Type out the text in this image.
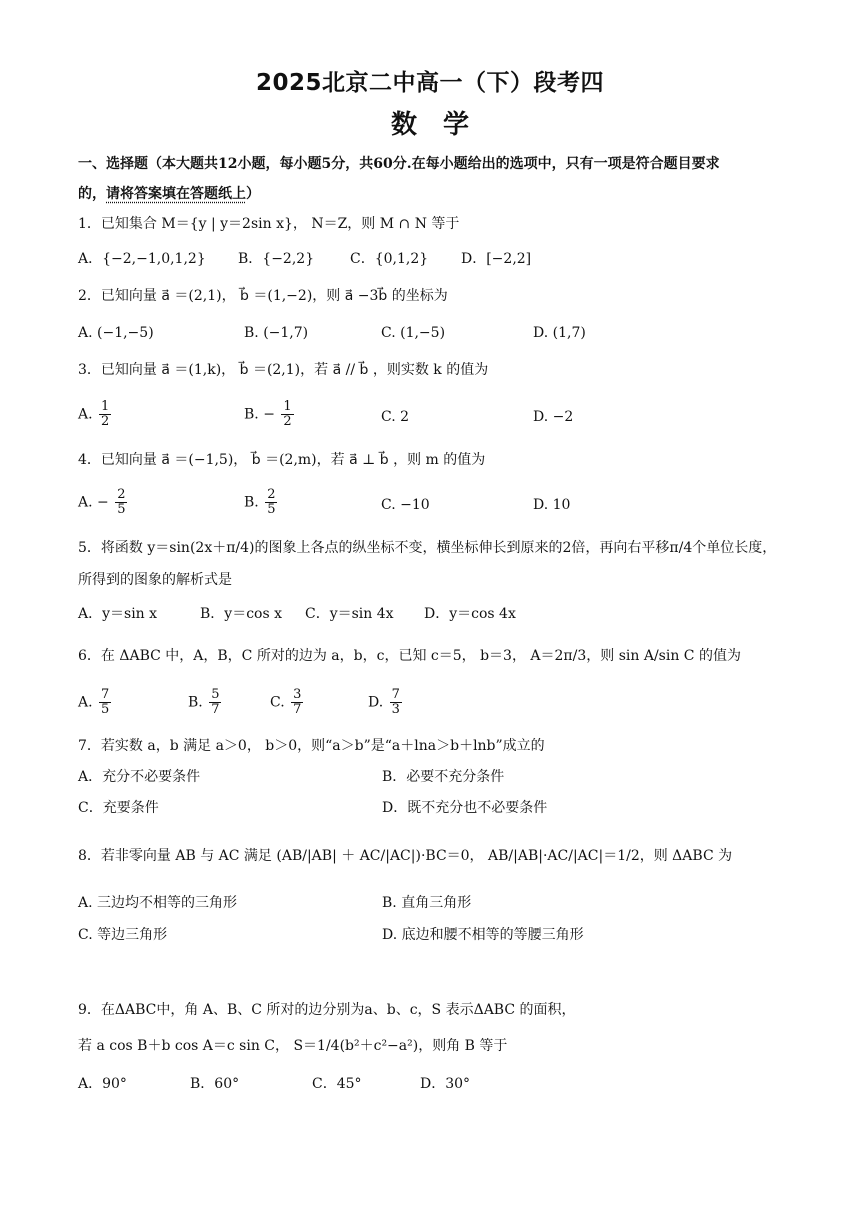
2025北京二中高一（下）段考四
数学
一、选择题（本大题共12小题，每小题5分，共60分.在每小题给出的选项中，只有一项是符合题目要求
的，请将答案填在答题纸上）
1．已知集合 M＝{y | y＝2sin x}， N＝Z，则 M ∩ N 等于
A．{−2,−1,0,1,2} B．{−2,2}	C．{0,1,2} D．[−2,2]
2．已知向量 a⃗ ＝(2,1)， b⃗ ＝(1,−2)，则 a⃗ −3b⃗ 的坐标为
A. (−1,−5)	B. (−1,7)	C. (1,−5)	D. (1,7)
3．已知向量 a⃗ ＝(1,k)， b⃗ ＝(2,1)，若 a⃗ // b⃗ ，则实数 k 的值为
A. $\frac{1}{2}$	B. − $\frac{1}{2}$	C. 2	D. −2
4．已知向量 a⃗ ＝(−1,5)， b⃗ ＝(2,m)，若 a⃗ ⊥ b⃗ ，则 m 的值为
A. − $\frac{2}{5}$	B. $\frac{2}{5}$	C. −10	D. 10
5．将函数 y＝sin(2x＋π/4)的图象上各点的纵坐标不变，横坐标伸长到原来的2倍，再向右平移π/4个单位长度，
所得到的图象的解析式是
A．y＝sin x	B．y＝cos x C．y＝sin 4x D．y＝cos 4x
6．在 ΔABC 中，A，B，C 所对的边为 a，b，c，已知 c＝5， b＝3， A＝2π/3，则 sin A/sin C 的值为
A. $\frac{7}{5}$	B. $\frac{5}{7}$	C. $\frac{3}{7}$	D. $\frac{7}{3}$
7．若实数 a，b 满足 a＞0， b＞0，则“a＞b”是“a＋lna＞b＋lnb”成立的
A．充分不必要条件	B．必要不充分条件
C．充要条件	D．既不充分也不必要条件
8．若非零向量 AB 与 AC 满足 (AB/|AB| ＋ AC/|AC|)·BC＝0， AB/|AB|·AC/|AC|＝1/2，则 ΔABC 为
A. 三边均不相等的三角形	B. 直角三角形
C. 等边三角形	D. 底边和腰不相等的等腰三角形
9．在ΔABC中，角 A、B、C 所对的边分别为a、b、c，S 表示ΔABC 的面积，
若 a cos B＋b cos A＝c sin C， S＝1/4(b²＋c²−a²)，则角 B 等于
A．90°	B．60°	C．45°	D．30°
